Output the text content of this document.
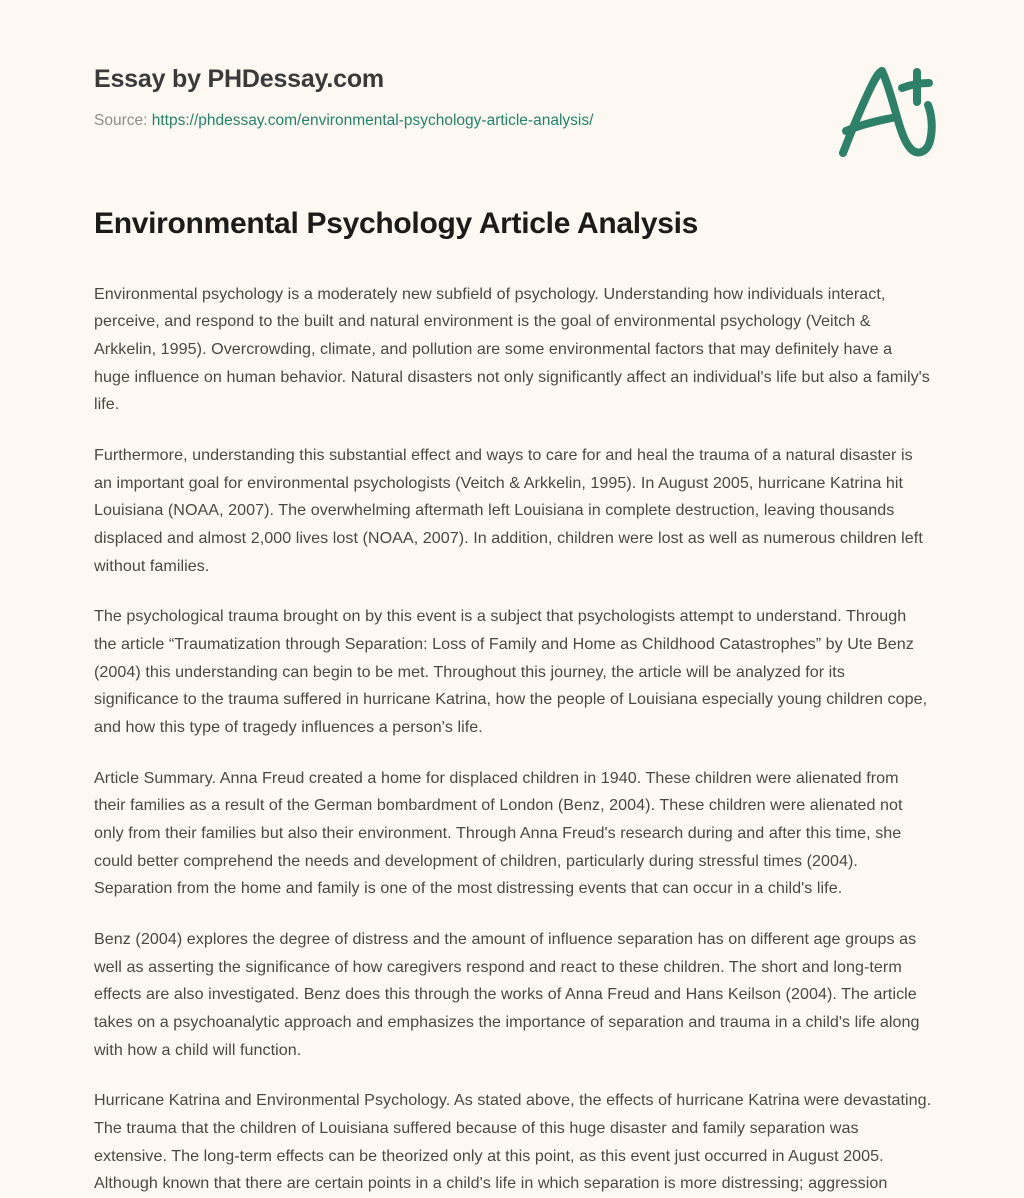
Essay by PHDessay.com
Source: https://phdessay.com/environmental-psychology-article-analysis/
Environmental Psychology Article Analysis

Environmental psychology is a moderately new subfield of psychology. Understanding how individuals interact, perceive, and respond to the built and natural environment is the goal of environmental psychology (Veitch & Arkkelin, 1995). Overcrowding, climate, and pollution are some environmental factors that may definitely have a huge influence on human behavior. Natural disasters not only significantly affect an individual's life but also a family's life.

Furthermore, understanding this substantial effect and ways to care for and heal the trauma of a natural disaster is an important goal for environmental psychologists (Veitch & Arkkelin, 1995). In August 2005, hurricane Katrina hit Louisiana (NOAA, 2007). The overwhelming aftermath left Louisiana in complete destruction, leaving thousands displaced and almost 2,000 lives lost (NOAA, 2007). In addition, children were lost as well as numerous children left without families.

The psychological trauma brought on by this event is a subject that psychologists attempt to understand. Through the article “Traumatization through Separation: Loss of Family and Home as Childhood Catastrophes” by Ute Benz (2004) this understanding can begin to be met. Throughout this journey, the article will be analyzed for its significance to the trauma suffered in hurricane Katrina, how the people of Louisiana especially young children cope, and how this type of tragedy influences a person's life.

Article Summary. Anna Freud created a home for displaced children in 1940. These children were alienated from their families as a result of the German bombardment of London (Benz, 2004). These children were alienated not only from their families but also their environment. Through Anna Freud's research during and after this time, she could better comprehend the needs and development of children, particularly during stressful times (2004). Separation from the home and family is one of the most distressing events that can occur in a child's life.

Benz (2004) explores the degree of distress and the amount of influence separation has on different age groups as well as asserting the significance of how caregivers respond and react to these children. The short and long-term effects are also investigated. Benz does this through the works of Anna Freud and Hans Keilson (2004). The article takes on a psychoanalytic approach and emphasizes the importance of separation and trauma in a child's life along with how a child will function.

Hurricane Katrina and Environmental Psychology. As stated above, the effects of hurricane Katrina were devastating. The trauma that the children of Louisiana suffered because of this huge disaster and family separation was extensive. The long-term effects can be theorized only at this point, as this event just occurred in August 2005. Although known that there are certain points in a child's life in which separation is more distressing; aggression
